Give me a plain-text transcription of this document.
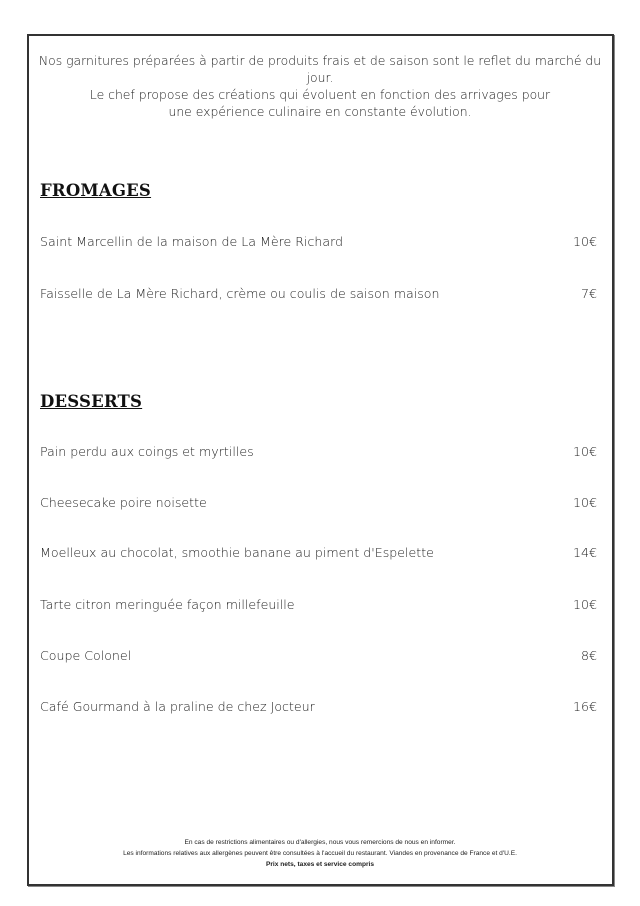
Nos garnitures préparées à partir de produits frais et de saison sont le reflet du marché du jour.
Le chef propose des créations qui évoluent en fonction des arrivages pour
une expérience culinaire en constante évolution.
FROMAGES
Saint Marcellin de la maison de La Mère Richard	10€
Faisselle de La Mère Richard, crème ou coulis de saison maison	7€
DESSERTS
Pain perdu aux coings et myrtilles	10€
Cheesecake poire noisette	10€
Moelleux au chocolat, smoothie banane au piment d'Espelette	14€
Tarte citron meringuée façon millefeuille	10€
Coupe Colonel	8€
Café Gourmand à la praline de chez Jocteur	16€
En cas de restrictions alimentaires ou d'allergies, nous vous remercions de nous en informer.
Les informations relatives aux allergènes peuvent être consultées à l'accueil du restaurant. Viandes en provenance de France et d'U.E.
Prix nets, taxes et service compris
